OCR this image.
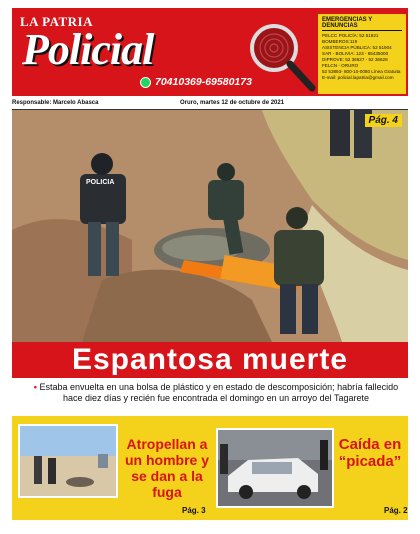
LA PATRIA
Policial
70410369-69580173
EMERGENCIAS Y DENUNCIAS
PELCC POLICÍA: 52 51921
BOMBEROS:119
ASISTENCIA PÚBLICA: 52 51904
SAR - BOLIVIA: 123 - 65435000
DIPROVE: 52 36627 - 52 36628
FELCN - ORURO
52 53893- 800-10-0080 Línea Gratuita
E-mail: policial.lapatria@gmail.com
Responsable: Marcelo Abasca	Oruro, martes 12 de octubre de 2021
POLICIA
Pág. 4
Espantosa muerte
• Estaba envuelta en una bolsa de plástico y en estado de descomposición; habría fallecido hace diez días y recién fue encontrada el domingo en un arroyo del Tagarete
Atropellan a un hombre y se dan a la fuga
Pág. 3
Caída en “picada”
Pág. 2
